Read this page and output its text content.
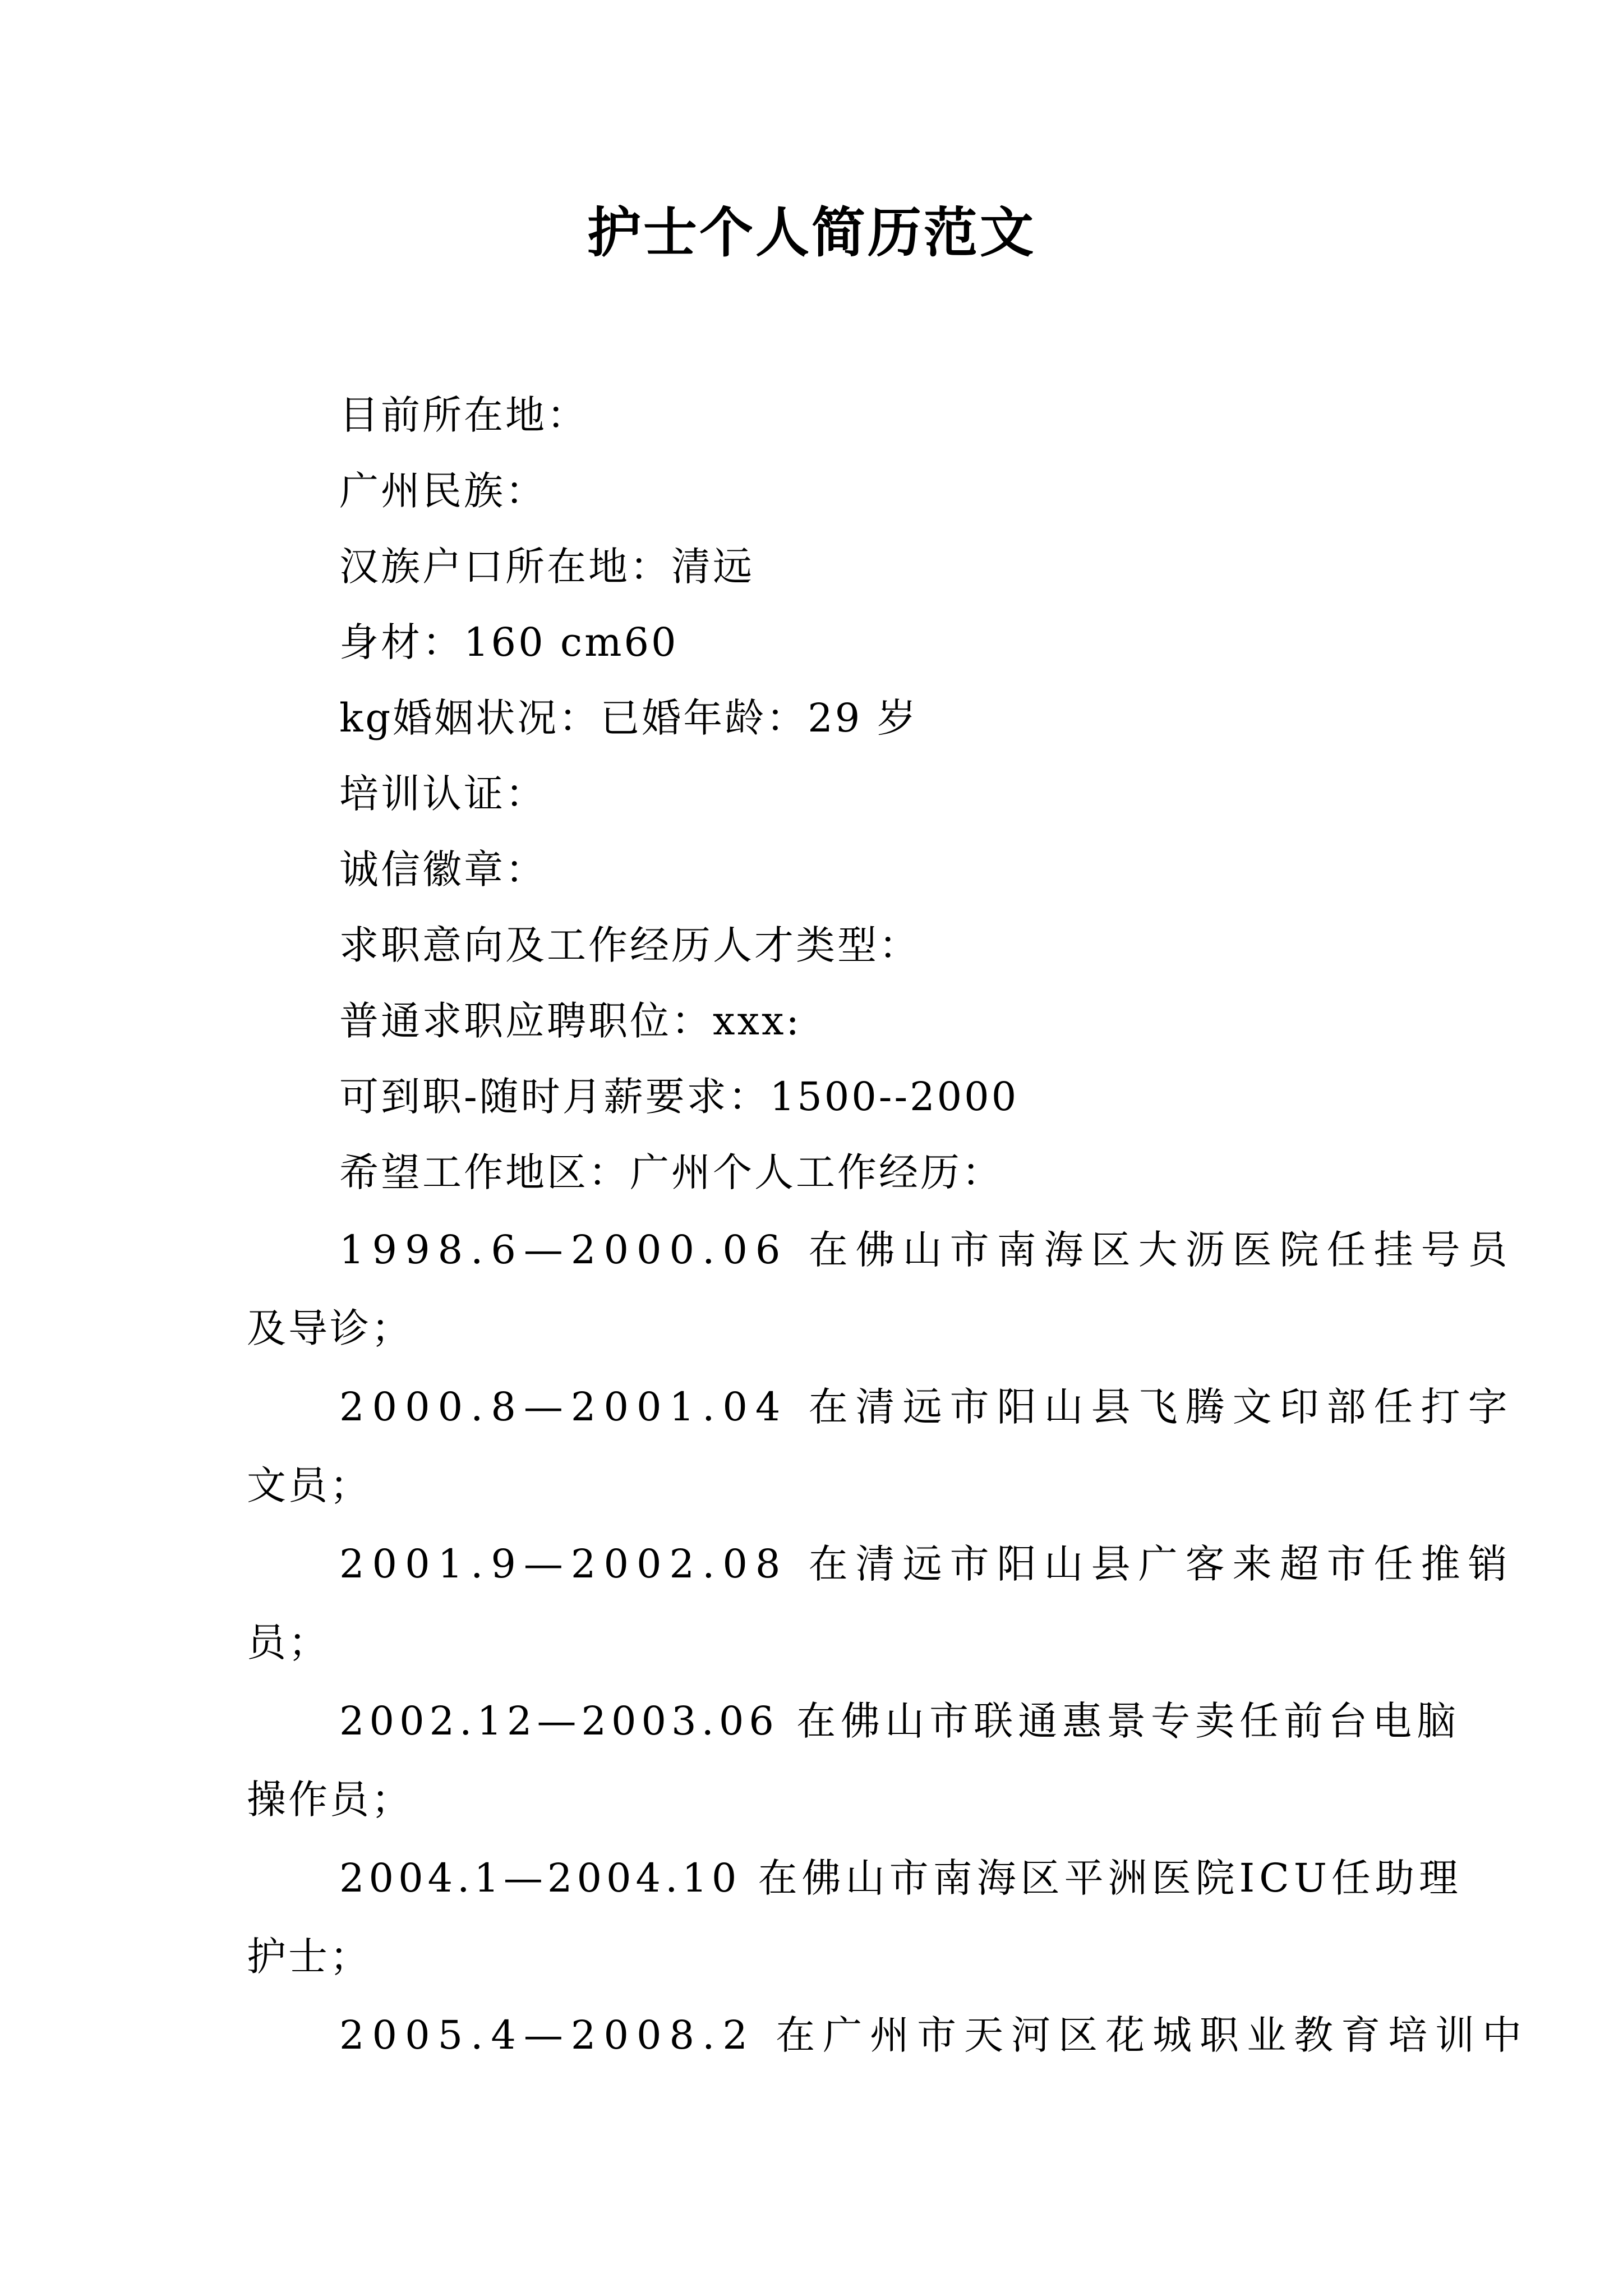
护士个人简历范文
目前所在地：
广州民族：
汉族户口所在地：清远
身材：160 cm60
kg婚姻状况：已婚年龄：29 岁
培训认证：
诚信徽章：
求职意向及工作经历人才类型：
普通求职应聘职位：xxx:
可到职-随时月薪要求：1500--2000
希望工作地区：广州个人工作经历：
1998.6—2000.06 在佛山市南海区大沥医院任挂号员
及导诊；
2000.8—2001.04 在清远市阳山县飞腾文印部任打字
文员；
2001.9—2002.08 在清远市阳山县广客来超市任推销
员；
2002.12—2003.06 在佛山市联通惠景专卖任前台电脑
操作员；
2004.1—2004.10 在佛山市南海区平洲医院ICU任助理
护士；
2005.4—2008.2 在广州市天河区花城职业教育培训中
